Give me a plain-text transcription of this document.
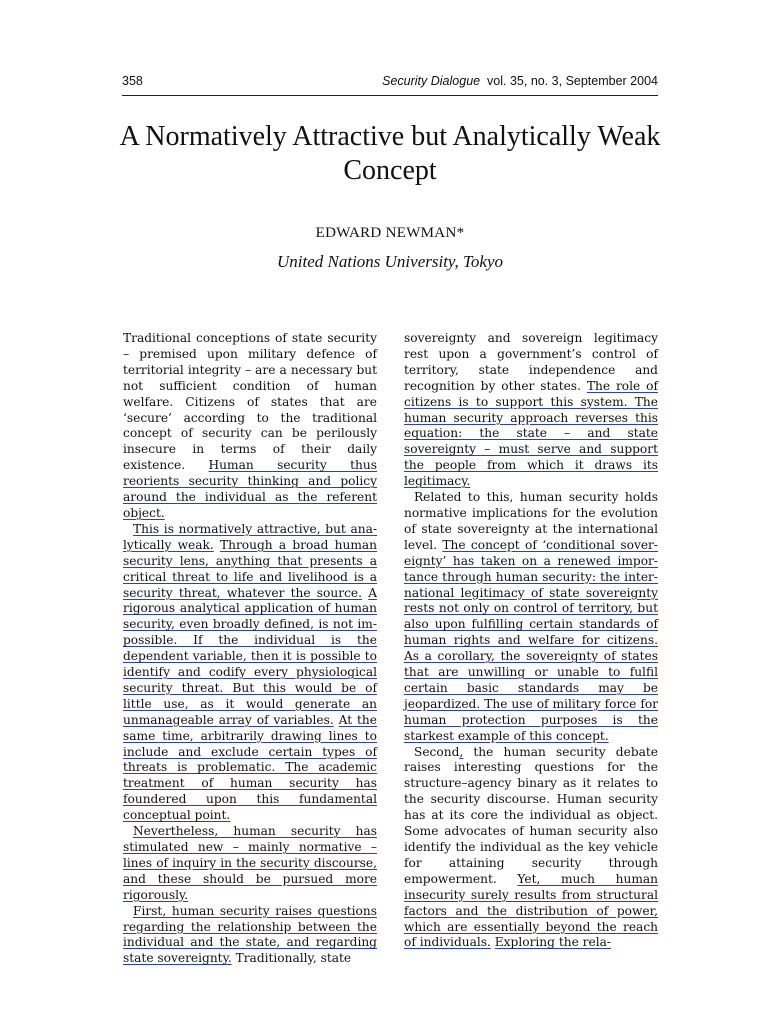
358	Security Dialogue vol. 35, no. 3, September 2004
A Normatively Attractive but Analytically Weak Concept
EDWARD NEWMAN*
United Nations University, Tokyo

Traditional conceptions of state security – premised upon military defence of territorial integrity – are a necessary but not sufficient condition of human welfare. Citizens of states that are ‘secure’ according to the traditional concept of security can be perilously insecure in terms of their daily existence. Human security thus reorients security thinking and policy around the individual as the referent object.

This is normatively attractive, but analytically weak. Through a broad human security lens, anything that presents a critical threat to life and livelihood is a security threat, whatever the source. A rigorous analytical application of human security, even broadly defined, is not impossible. If the individual is the dependent variable, then it is possible to identify and codify every physiological security threat. But this would be of little use, as it would generate an unmanageable array of variables. At the same time, arbitrarily drawing lines to include and exclude certain types of threats is problematic. The academic treatment of human security has foundered upon this fundamental conceptual point.

Nevertheless, human security has stimulated new – mainly normative – lines of inquiry in the security discourse, and these should be pursued more rigorously.

First, human security raises questions regarding the relationship between the individual and the state, and regarding state sovereignty. Traditionally, state

sovereignty and sovereign legitimacy rest upon a government’s control of territory, state independence and recognition by other states. The role of citizens is to support this system. The human security approach reverses this equation: the state – and state sovereignty – must serve and support the people from which it draws its legitimacy.

Related to this, human security holds normative implications for the evolution of state sovereignty at the international level. The concept of ‘conditional sovereignty’ has taken on a renewed importance through human security: the international legitimacy of state sovereignty rests not only on control of territory, but also upon fulfilling certain standards of human rights and welfare for citizens. As a corollary, the sovereignty of states that are unwilling or unable to fulfil certain basic standards may be jeopardized. The use of military force for human protection purposes is the starkest example of this concept.

Second, the human security debate raises interesting questions for the structure–agency binary as it relates to the security discourse. Human security has at its core the individual as object. Some advocates of human security also identify the individual as the key vehicle for attaining security through empowerment. Yet, much human insecurity surely results from structural factors and the distribution of power, which are essentially beyond the reach of individuals. Exploring the rela-
